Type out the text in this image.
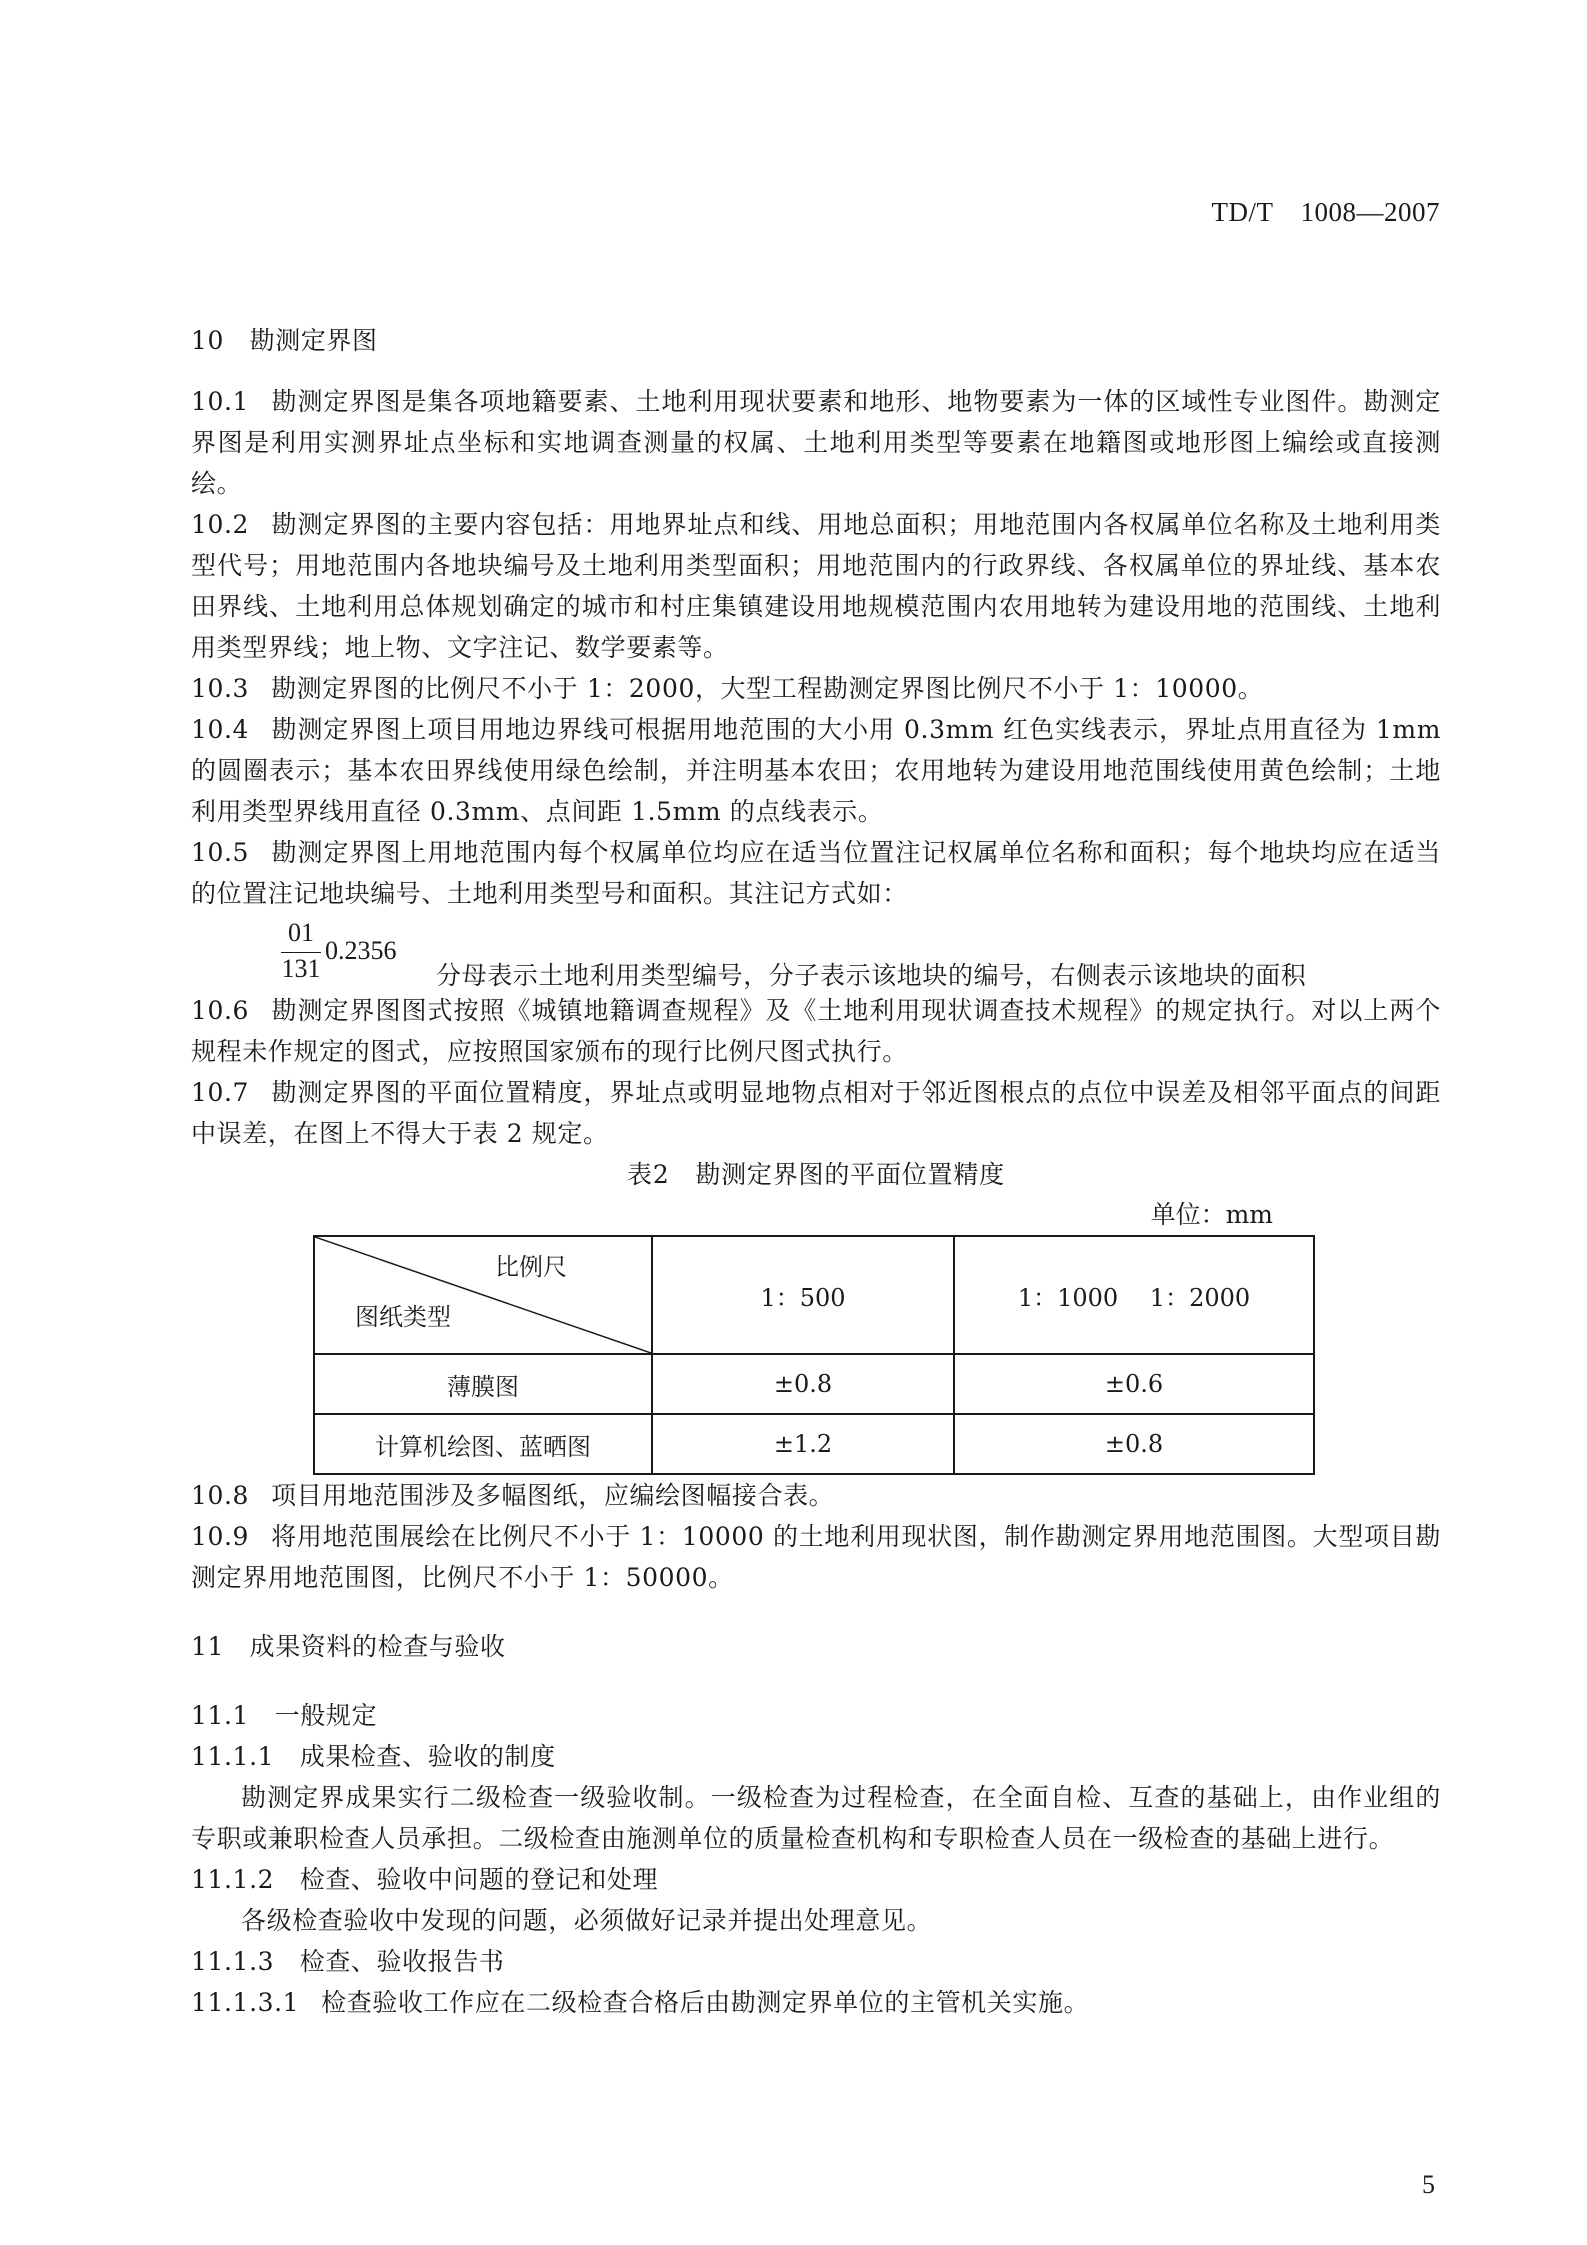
TD/T　1008—2007

10　勘测定界图

10.1 勘测定界图是集各项地籍要素、土地利用现状要素和地形、地物要素为一体的区域性专业图件。勘测定界图是利用实测界址点坐标和实地调查测量的权属、土地利用类型等要素在地籍图或地形图上编绘或直接测绘。

10.2 勘测定界图的主要内容包括：用地界址点和线、用地总面积；用地范围内各权属单位名称及土地利用类型代号；用地范围内各地块编号及土地利用类型面积；用地范围内的行政界线、各权属单位的界址线、基本农田界线、土地利用总体规划确定的城市和村庄集镇建设用地规模范围内农用地转为建设用地的范围线、土地利用类型界线；地上物、文字注记、数学要素等。

10.3 勘测定界图的比例尺不小于 1：2000，大型工程勘测定界图比例尺不小于 1：10000。

10.4 勘测定界图上项目用地边界线可根据用地范围的大小用 0.3mm 红色实线表示，界址点用直径为 1mm 的圆圈表示；基本农田界线使用绿色绘制，并注明基本农田；农用地转为建设用地范围线使用黄色绘制；土地利用类型界线用直径 0.3mm、点间距 1.5mm 的点线表示。

10.5 勘测定界图上用地范围内每个权属单位均应在适当位置注记权属单位名称和面积；每个地块均应在适当的位置注记地块编号、土地利用类型号和面积。其注记方式如：

01
131
0.2356
分母表示土地利用类型编号，分子表示该地块的编号，右侧表示该地块的面积

10.6 勘测定界图图式按照《城镇地籍调查规程》及《土地利用现状调查技术规程》的规定执行。对以上两个规程未作规定的图式，应按照国家颁布的现行比例尺图式执行。

10.7 勘测定界图的平面位置精度，界址点或明显地物点相对于邻近图根点的点位中误差及相邻平面点的间距中误差，在图上不得大于表 2 规定。

表2　勘测定界图的平面位置精度

单位：mm

比例尺
图纸类型	1：500	1：1000　 1：2000
薄膜图	±0.8	±0.6
计算机绘图、蓝晒图	±1.2	±0.8

10.8 项目用地范围涉及多幅图纸，应编绘图幅接合表。

10.9 将用地范围展绘在比例尺不小于 1：10000 的土地利用现状图，制作勘测定界用地范围图。大型项目勘测定界用地范围图，比例尺不小于 1：50000。

11　成果资料的检查与验收

11.1　一般规定

11.1.1　成果检查、验收的制度

勘测定界成果实行二级检查一级验收制。一级检查为过程检查，在全面自检、互查的基础上，由作业组的专职或兼职检查人员承担。二级检查由施测单位的质量检查机构和专职检查人员在一级检查的基础上进行。

11.1.2　检查、验收中问题的登记和处理

各级检查验收中发现的问题，必须做好记录并提出处理意见。

11.1.3　检查、验收报告书

11.1.3.1 检查验收工作应在二级检查合格后由勘测定界单位的主管机关实施。

5
